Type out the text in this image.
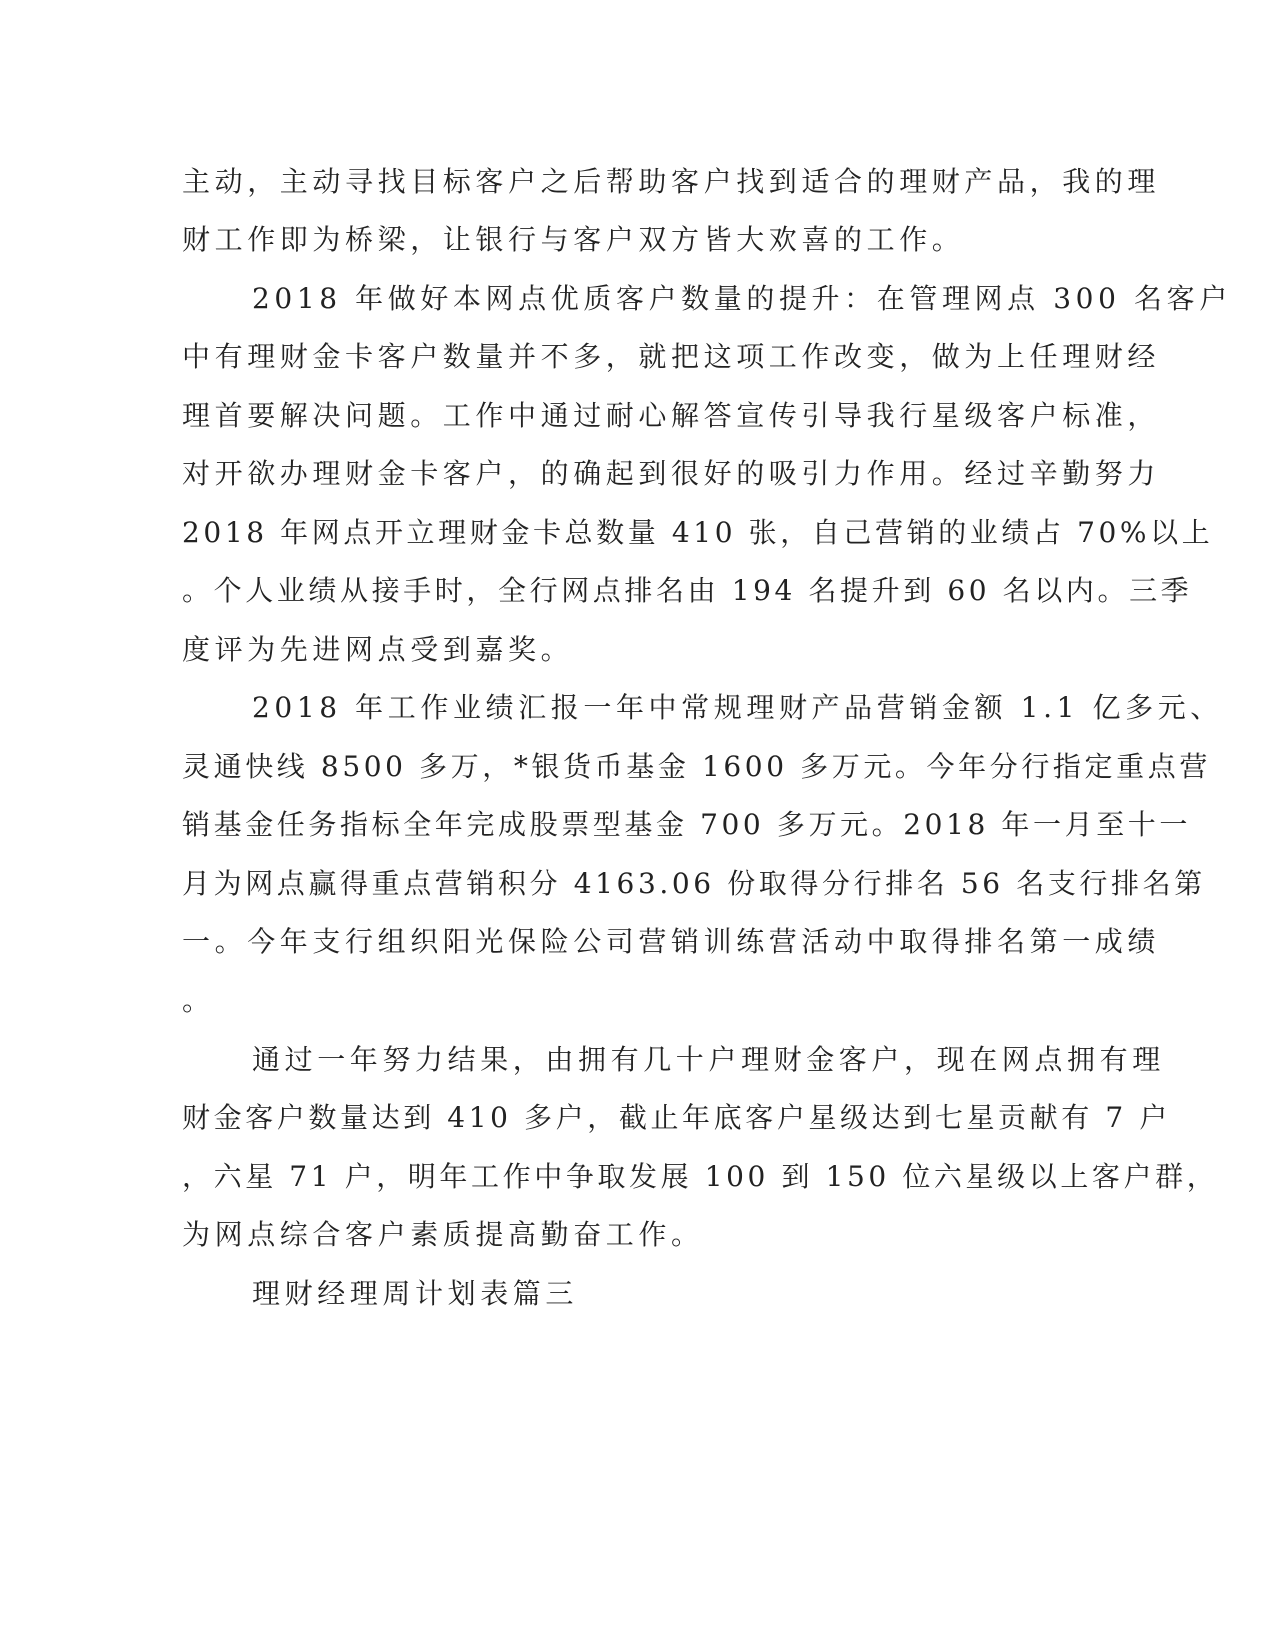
主动，主动寻找目标客户之后帮助客户找到适合的理财产品，我的理
财工作即为桥梁，让银行与客户双方皆大欢喜的工作。
2018 年做好本网点优质客户数量的提升：在管理网点 300 名客户
中有理财金卡客户数量并不多，就把这项工作改变，做为上任理财经
理首要解决问题。工作中通过耐心解答宣传引导我行星级客户标准，
对开欲办理财金卡客户，的确起到很好的吸引力作用。经过辛勤努力
2018 年网点开立理财金卡总数量 410 张，自己营销的业绩占 70%以上
。个人业绩从接手时，全行网点排名由 194 名提升到 60 名以内。三季
度评为先进网点受到嘉奖。
2018 年工作业绩汇报一年中常规理财产品营销金额 1.1 亿多元、
灵通快线 8500 多万，*银货币基金 1600 多万元。今年分行指定重点营
销基金任务指标全年完成股票型基金 700 多万元。2018 年一月至十一
月为网点赢得重点营销积分 4163.06 份取得分行排名 56 名支行排名第
一。今年支行组织阳光保险公司营销训练营活动中取得排名第一成绩
。
通过一年努力结果，由拥有几十户理财金客户，现在网点拥有理
财金客户数量达到 410 多户，截止年底客户星级达到七星贡献有 7 户
，六星 71 户，明年工作中争取发展 100 到 150 位六星级以上客户群，
为网点综合客户素质提高勤奋工作。
理财经理周计划表篇三
